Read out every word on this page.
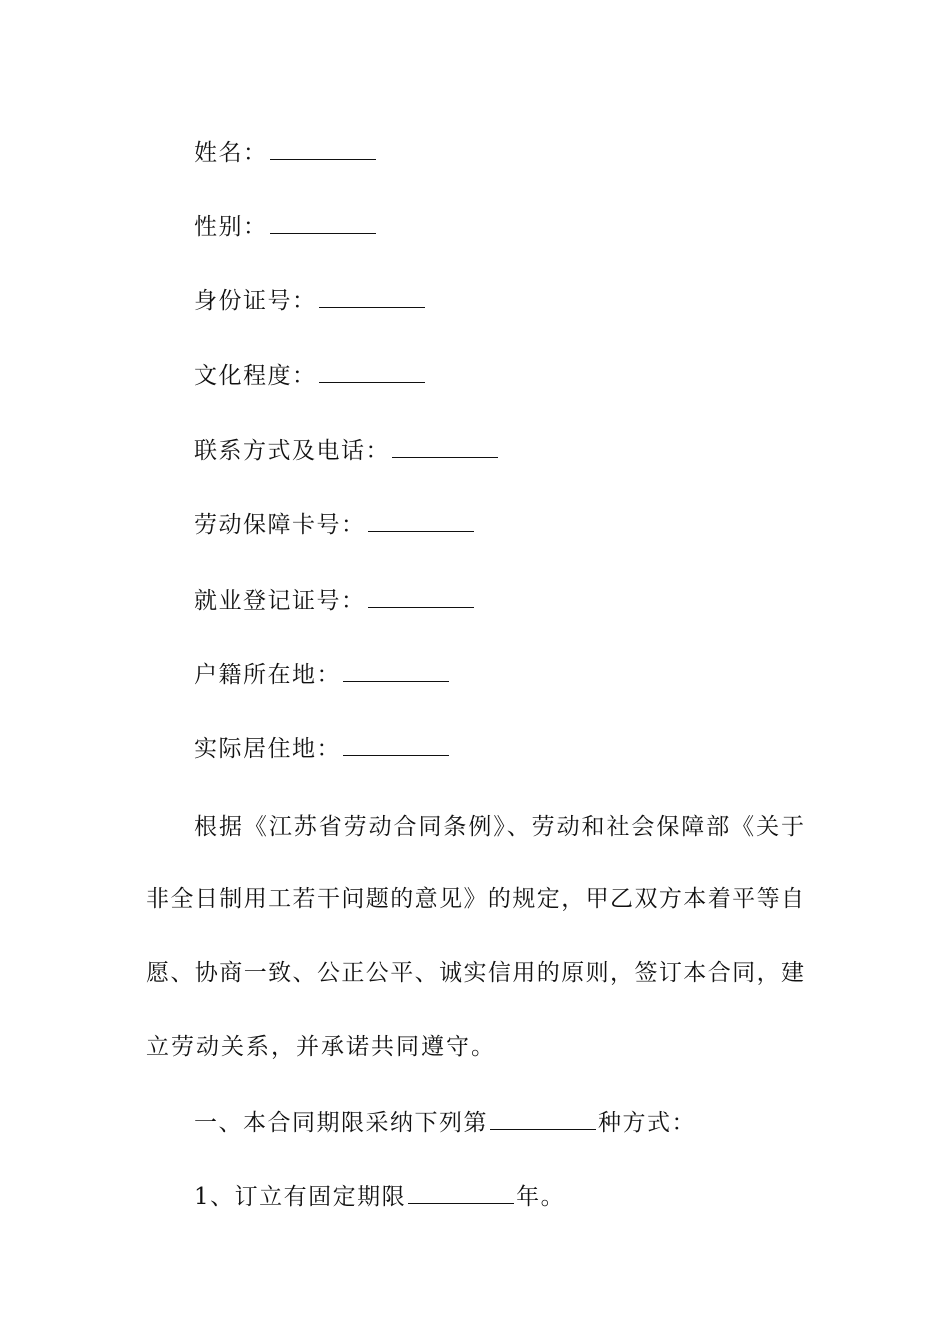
姓名：
性别：
身份证号：
文化程度：
联系方式及电话：
劳动保障卡号：
就业登记证号：
户籍所在地：
实际居住地：
根据《江苏省劳动合同条例》、劳动和社会保障部《关于
非全日制用工若干问题的意见》的规定，甲乙双方本着平等自
愿、协商一致、公正公平、诚实信用的原则，签订本合同，建
立劳动关系，并承诺共同遵守。
一、本合同期限采纳下列第	种方式：
1、订立有固定期限	年。
